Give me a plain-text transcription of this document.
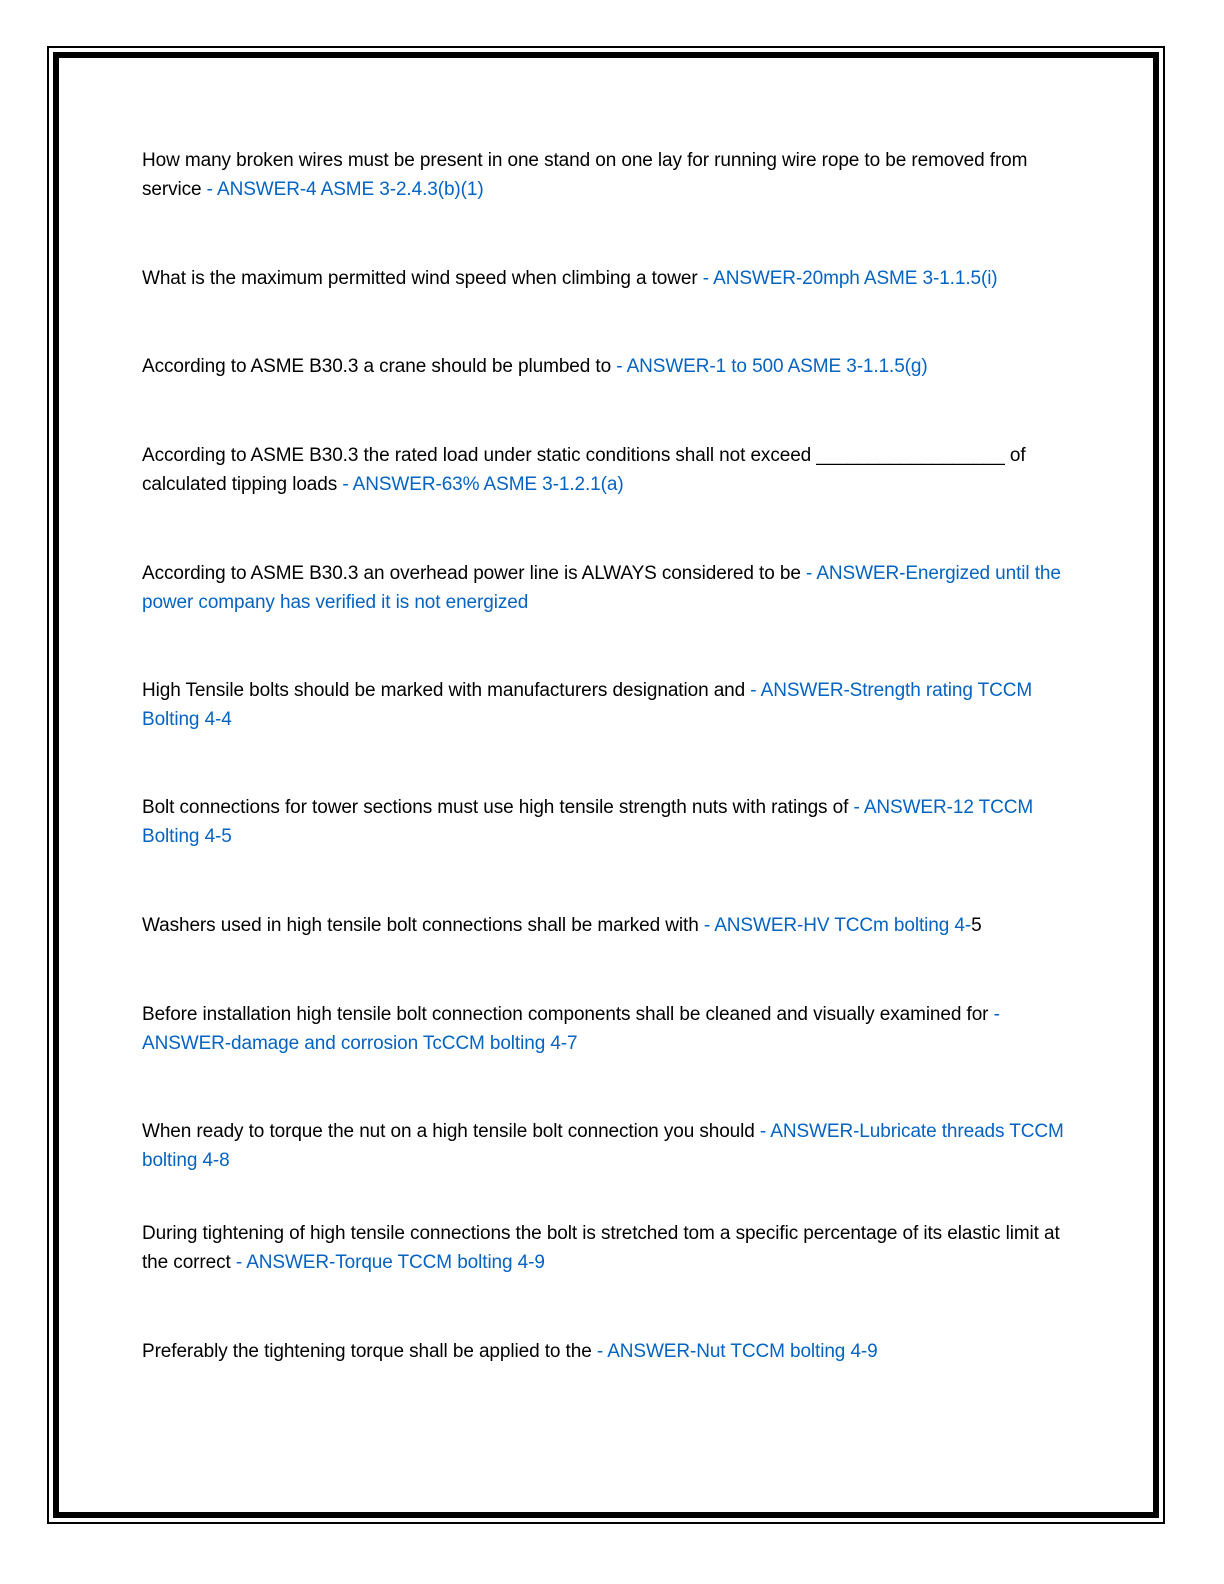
How many broken wires must be present in one stand on one lay for running wire rope to be removed from service - ANSWER-4 ASME 3-2.4.3(b)(1)

What is the maximum permitted wind speed when climbing a tower - ANSWER-20mph ASME 3-1.1.5(i)

According to ASME B30.3 a crane should be plumbed to - ANSWER-1 to 500 ASME 3-1.1.5(g)

According to ASME B30.3 the rated load under static conditions shall not exceed __________________ of calculated tipping loads - ANSWER-63% ASME 3-1.2.1(a)

According to ASME B30.3 an overhead power line is ALWAYS considered to be - ANSWER-Energized until the power company has verified it is not energized

High Tensile bolts should be marked with manufacturers designation and - ANSWER-Strength rating TCCM Bolting 4-4

Bolt connections for tower sections must use high tensile strength nuts with ratings of - ANSWER-12 TCCM Bolting 4-5

Washers used in high tensile bolt connections shall be marked with - ANSWER-HV TCCm bolting 4-5

Before installation high tensile bolt connection components shall be cleaned and visually examined for - ANSWER-damage and corrosion TcCCM bolting 4-7

When ready to torque the nut on a high tensile bolt connection you should - ANSWER-Lubricate threads TCCM bolting 4-8

During tightening of high tensile connections the bolt is stretched tom a specific percentage of its elastic limit at the correct - ANSWER-Torque TCCM bolting 4-9

Preferably the tightening torque shall be applied to the - ANSWER-Nut TCCM bolting 4-9
